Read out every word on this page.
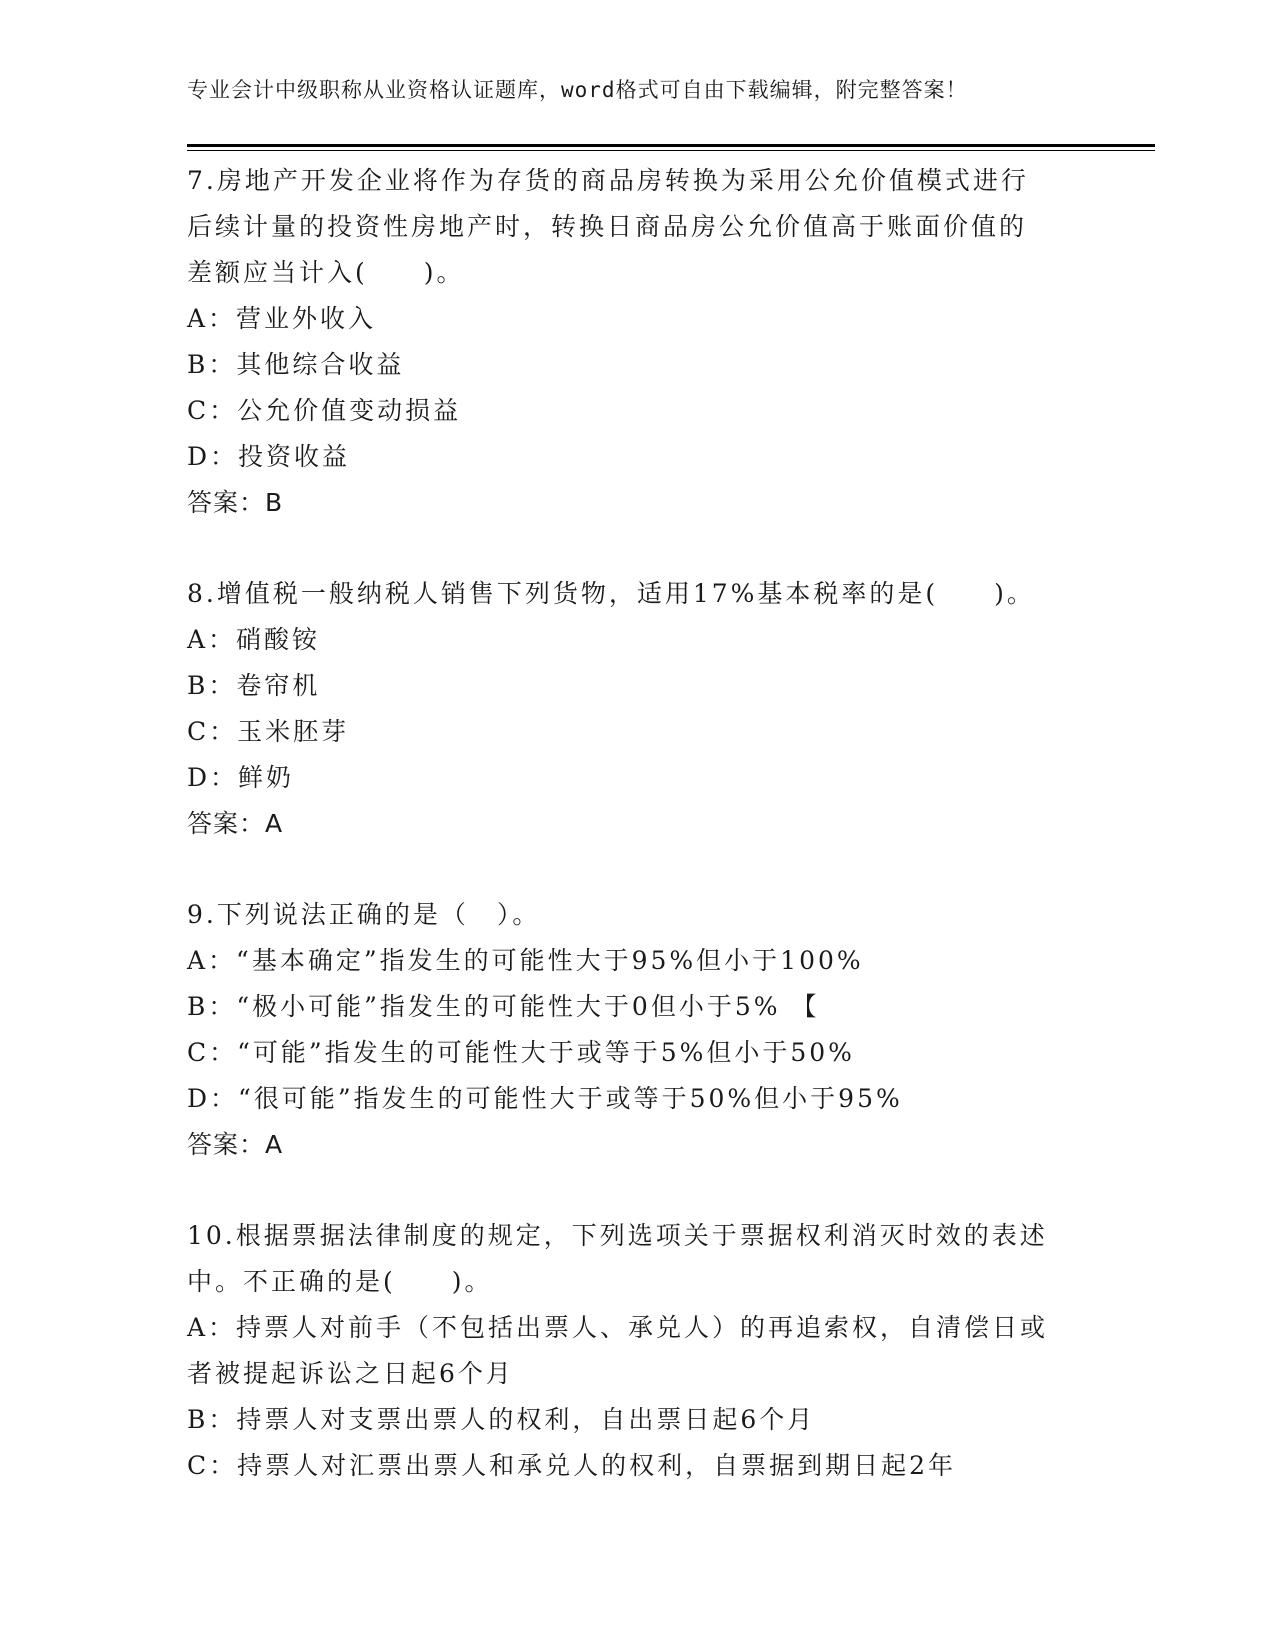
专业会计中级职称从业资格认证题库，word格式可自由下载编辑，附完整答案！
7.房地产开发企业将作为存货的商品房转换为采用公允价值模式进行
后续计量的投资性房地产时，转换日商品房公允价值高于账面价值的
差额应当计入(　　)。
A：营业外收入
B：其他综合收益
C：公允价值变动损益
D：投资收益
答案：B
8.增值税一般纳税人销售下列货物，适用17%基本税率的是(　　)。
A：硝酸铵
B：卷帘机
C：玉米胚芽
D：鲜奶
答案：A
9.下列说法正确的是（　）。
A：“基本确定”指发生的可能性大于95%但小于100%
B：“极小可能”指发生的可能性大于0但小于5% 【
C：“可能”指发生的可能性大于或等于5%但小于50%
D：“很可能”指发生的可能性大于或等于50%但小于95%
答案：A
10.根据票据法律制度的规定，下列选项关于票据权利消灭时效的表述
中。不正确的是(　　)。
A：持票人对前手（不包括出票人、承兑人）的再追索权，自清偿日或
者被提起诉讼之日起6个月
B：持票人对支票出票人的权利，自出票日起6个月
C：持票人对汇票出票人和承兑人的权利，自票据到期日起2年
